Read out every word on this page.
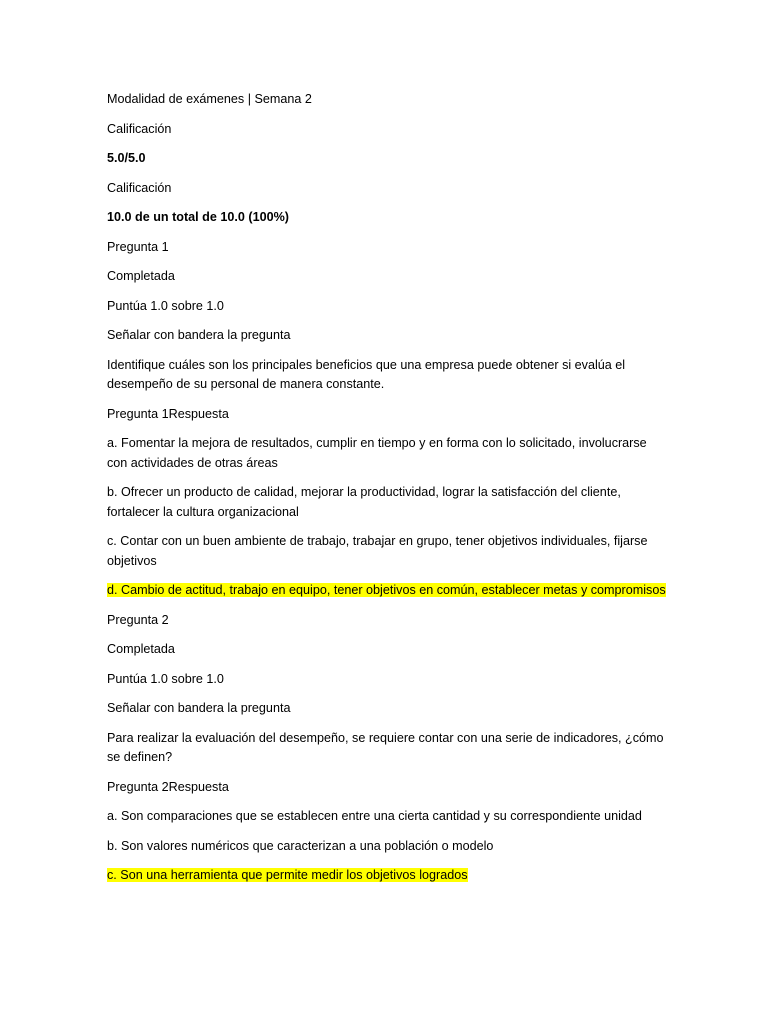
Modalidad de exámenes | Semana 2

Calificación

5.0/5.0

Calificación

10.0 de un total de 10.0 (100%)

Pregunta 1

Completada

Puntúa 1.0 sobre 1.0

Señalar con bandera la pregunta

Identifique cuáles son los principales beneficios que una empresa puede obtener si evalúa el desempeño de su personal de manera constante.

Pregunta 1Respuesta

a. Fomentar la mejora de resultados, cumplir en tiempo y en forma con lo solicitado, involucrarse con actividades de otras áreas

b. Ofrecer un producto de calidad, mejorar la productividad, lograr la satisfacción del cliente, fortalecer la cultura organizacional

c. Contar con un buen ambiente de trabajo, trabajar en grupo, tener objetivos individuales, fijarse objetivos

d. Cambio de actitud, trabajo en equipo, tener objetivos en común, establecer metas y compromisos

Pregunta 2

Completada

Puntúa 1.0 sobre 1.0

Señalar con bandera la pregunta

Para realizar la evaluación del desempeño, se requiere contar con una serie de indicadores, ¿cómo se definen?

Pregunta 2Respuesta

a. Son comparaciones que se establecen entre una cierta cantidad y su correspondiente unidad

b. Son valores numéricos que caracterizan a una población o modelo

c. Son una herramienta que permite medir los objetivos logrados
